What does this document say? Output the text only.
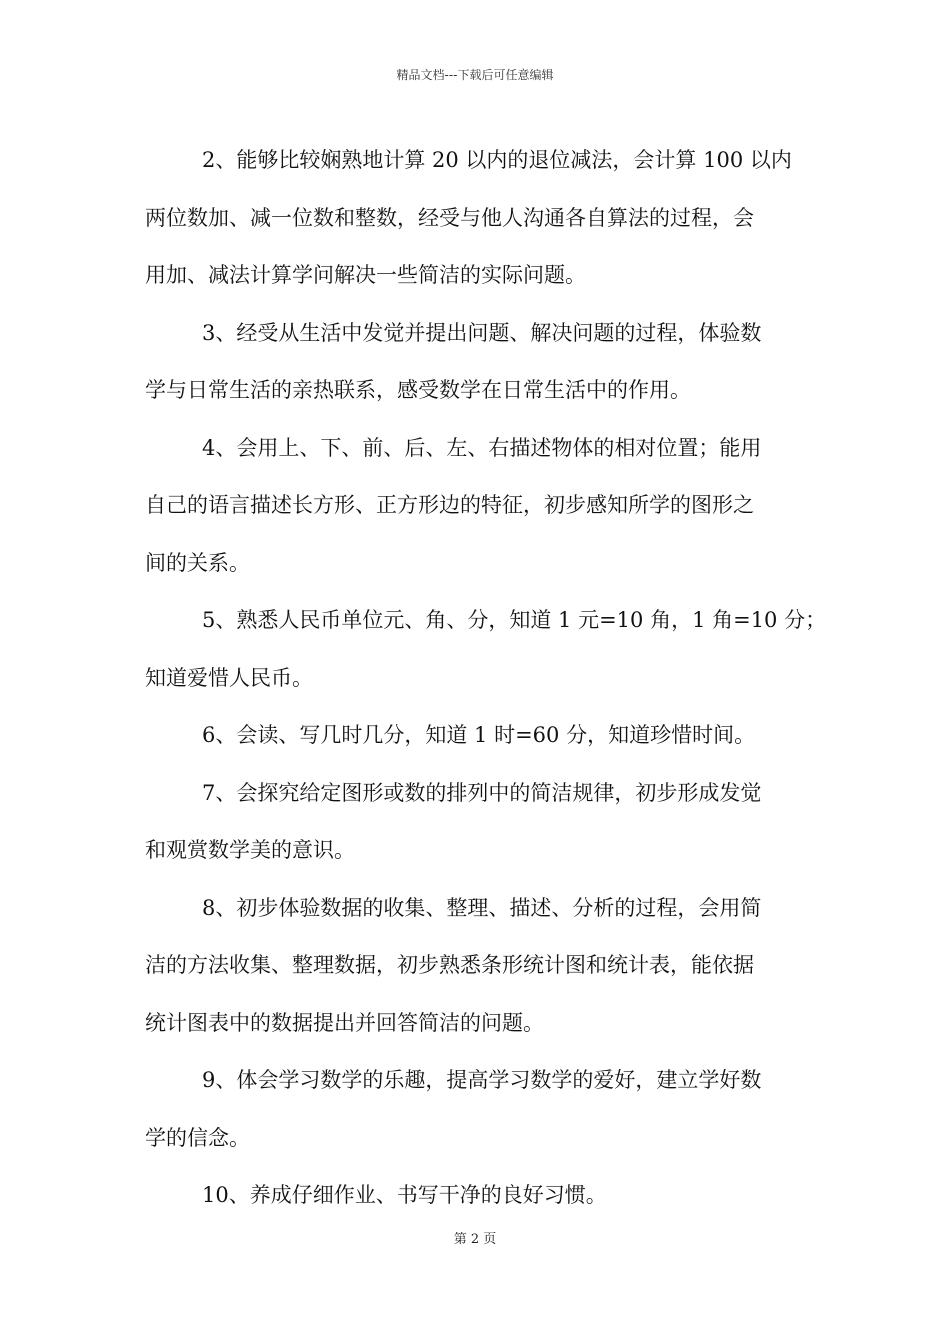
精品文档---下载后可任意编辑
2、能够比较娴熟地计算 20 以内的退位减法，会计算 100 以内
两位数加、减一位数和整数，经受与他人沟通各自算法的过程，会
用加、减法计算学问解决一些简洁的实际问题。
3、经受从生活中发觉并提出问题、解决问题的过程，体验数
学与日常生活的亲热联系，感受数学在日常生活中的作用。
4、会用上、下、前、后、左、右描述物体的相对位置；能用
自己的语言描述长方形、正方形边的特征，初步感知所学的图形之
间的关系。
5、熟悉人民币单位元、角、分，知道 1 元=10 角，1 角=10 分；
知道爱惜人民币。
6、会读、写几时几分，知道 1 时=60 分，知道珍惜时间。
7、会探究给定图形或数的排列中的简洁规律，初步形成发觉
和观赏数学美的意识。
8、初步体验数据的收集、整理、描述、分析的过程，会用简
洁的方法收集、整理数据，初步熟悉条形统计图和统计表，能依据
统计图表中的数据提出并回答简洁的问题。
9、体会学习数学的乐趣，提高学习数学的爱好，建立学好数
学的信念。
10、养成仔细作业、书写干净的良好习惯。
第 2 页
